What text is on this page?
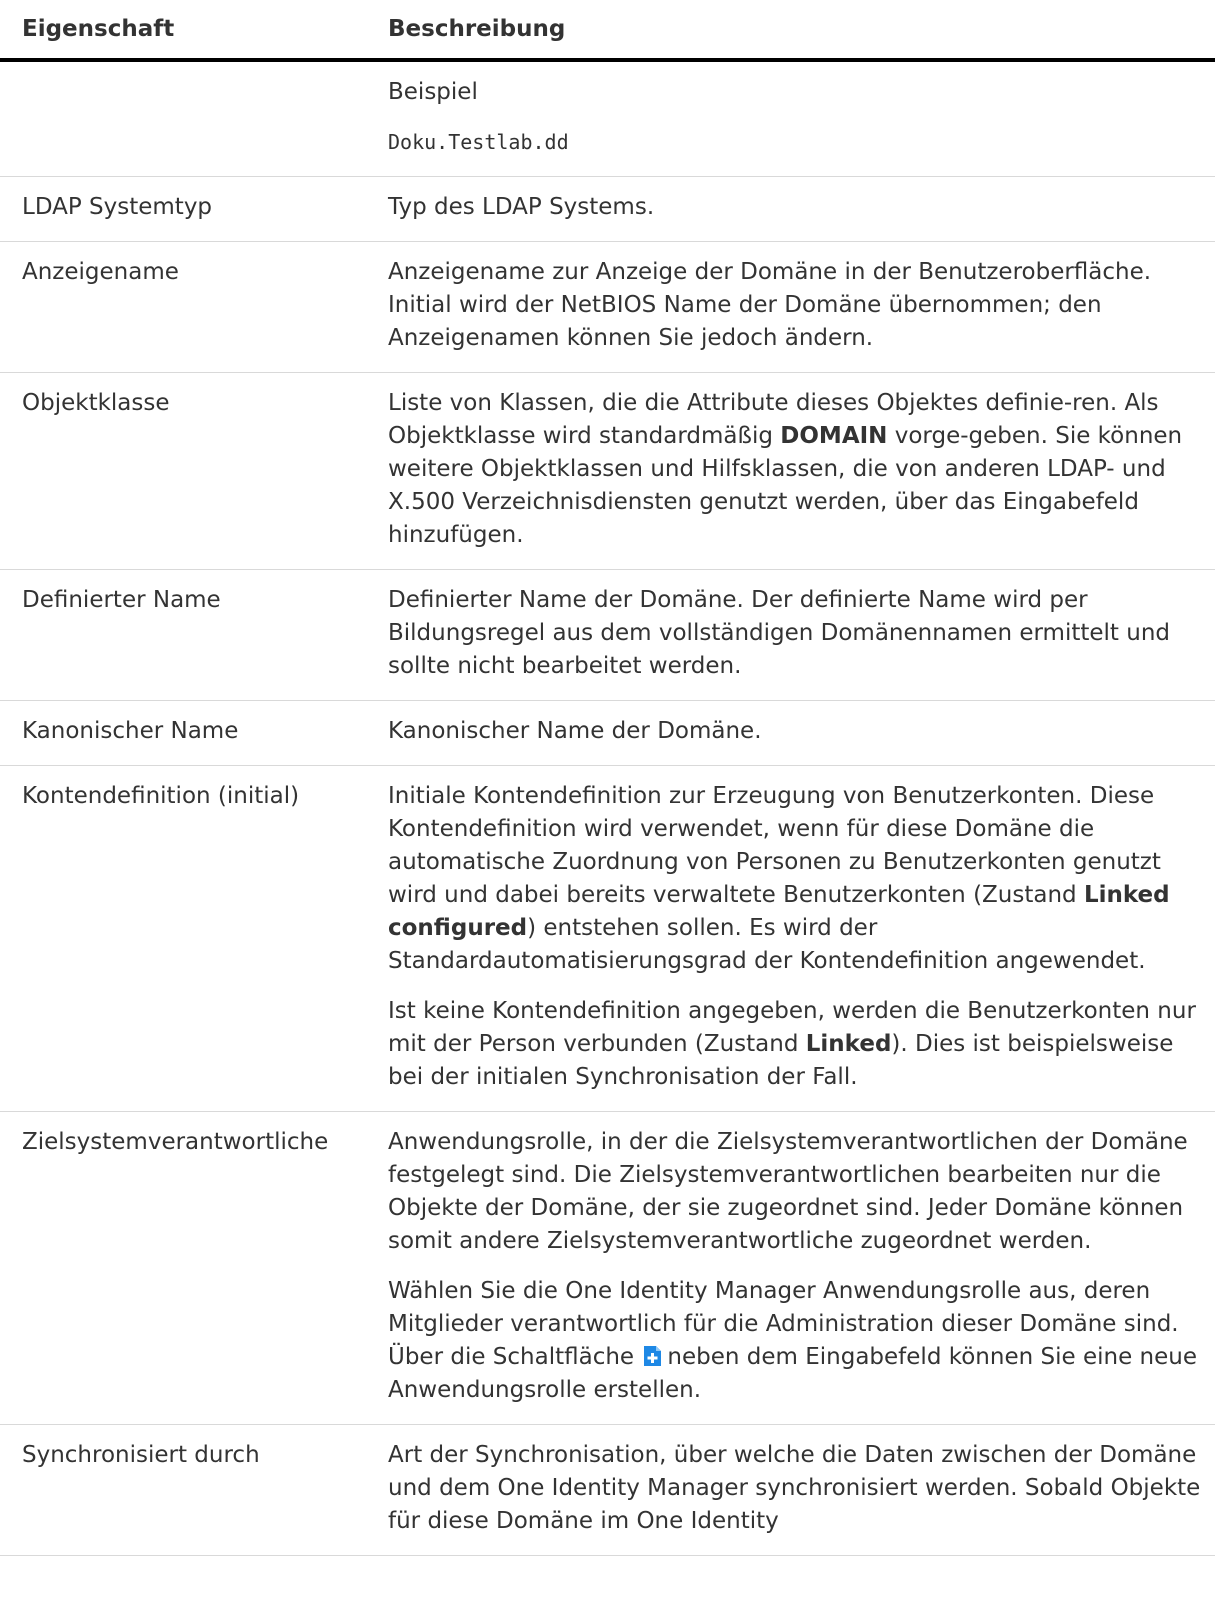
Eigenschaft	Beschreibung

	Beispiel

Doku.Testlab.dd

LDAP Systemtyp	Typ des LDAP Systems.
Anzeigename	Anzeigename zur Anzeige der Domäne in der Benutzeroberfläche. Initial wird der NetBIOS Name der Domäne übernommen; den Anzeigenamen können Sie jedoch ändern.
Objektklasse	Liste von Klassen, die die Attribute dieses Objektes definie-ren. Als Objektklasse wird standardmäßig DOMAIN vorge-geben. Sie können weitere Objektklassen und Hilfsklassen, die von anderen LDAP- und X.500 Verzeichnisdiensten genutzt werden, über das Eingabefeld hinzufügen.
Definierter Name	Definierter Name der Domäne. Der definierte Name wird per Bildungsregel aus dem vollständigen Domänennamen ermittelt und sollte nicht bearbeitet werden.
Kanonischer Name	Kanonischer Name der Domäne.
Kontendefinition (initial)	Initiale Kontendefinition zur Erzeugung von Benutzerkonten. Diese Kontendefinition wird verwendet, wenn für diese Domäne die automatische Zuordnung von Personen zu Benutzerkonten genutzt wird und dabei bereits verwaltete Benutzerkonten (Zustand Linked configured) entstehen sollen. Es wird der Standardautomatisierungsgrad der Kontendefinition angewendet.

Ist keine Kontendefinition angegeben, werden die Benutzerkonten nur mit der Person verbunden (Zustand Linked). Dies ist beispielsweise bei der initialen Synchronisation der Fall.

Zielsystemverantwortliche	Anwendungsrolle, in der die Zielsystemverantwortlichen der Domäne festgelegt sind. Die Zielsystemverantwortlichen bearbeiten nur die Objekte der Domäne, der sie zugeordnet sind. Jeder Domäne können somit andere Zielsystemverantwortliche zugeordnet werden.

Wählen Sie die One Identity Manager Anwendungsrolle aus, deren Mitglieder verantwortlich für die Administration dieser Domäne sind. Über die Schaltfläche neben dem Eingabefeld können Sie eine neue Anwendungsrolle erstellen.

Synchronisiert durch	Art der Synchronisation, über welche die Daten zwischen der Domäne und dem One Identity Manager synchronisiert werden. Sobald Objekte für diese Domäne im One Identity
